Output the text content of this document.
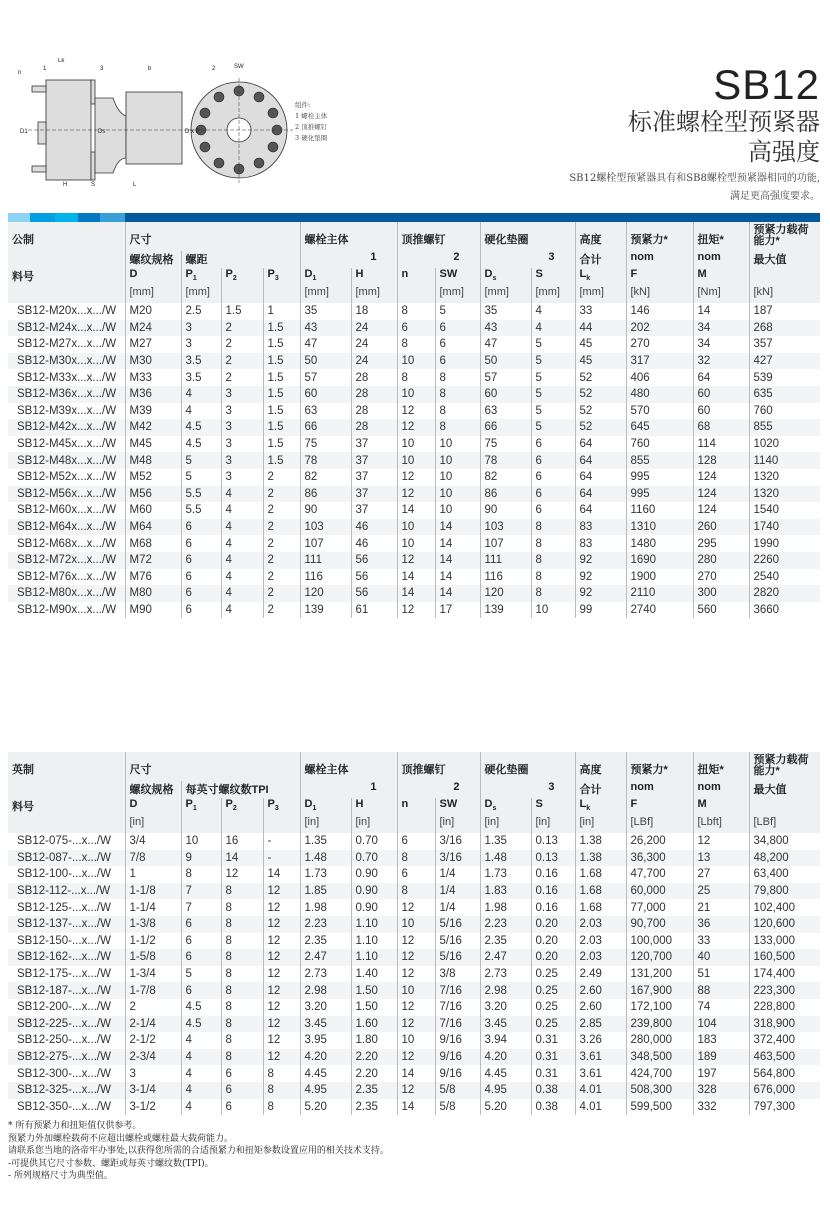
n
1
Lk
3	b
D1	Ds	D x P
H	S	L
2	SW
组件:
1 螺栓主体
2 顶推螺钉
3 硬化垫圈
SB12
标准螺栓型预紧器
高强度
SB12螺栓型预紧器具有和SB8螺栓型预紧器相同的功能,
满足更高强度要求。
公制	尺寸				螺栓主体		顶推螺钉		硬化垫圈		高度	预紧力*	扭矩*	预紧力载荷能力*
	螺纹规格	螺距			1		2		3		合计	nom	nom	最大值
料号	D	$P_1$	$P_2$	$P_3$	$D_1$	H	n	SW	$D_s$	S	$L_k$	F	M	
	[mm]	[mm]			[mm]	[mm]		[mm]	[mm]	[mm]	[mm]	[kN]	[Nm]	[kN]
SB12-M20x...x.../W	M20	2.5	1.5	1	35	18	8	5	35	4	33	146	14	187
SB12-M24x...x.../W	M24	3	2	1.5	43	24	6	6	43	4	44	202	34	268
SB12-M27x...x.../W	M27	3	2	1.5	47	24	8	6	47	5	45	270	34	357
SB12-M30x...x.../W	M30	3.5	2	1.5	50	24	10	6	50	5	45	317	32	427
SB12-M33x...x.../W	M33	3.5	2	1.5	57	28	8	8	57	5	52	406	64	539
SB12-M36x...x.../W	M36	4	3	1.5	60	28	10	8	60	5	52	480	60	635
SB12-M39x...x.../W	M39	4	3	1.5	63	28	12	8	63	5	52	570	60	760
SB12-M42x...x.../W	M42	4.5	3	1.5	66	28	12	8	66	5	52	645	68	855
SB12-M45x...x.../W	M45	4.5	3	1.5	75	37	10	10	75	6	64	760	114	1020
SB12-M48x...x.../W	M48	5	3	1.5	78	37	10	10	78	6	64	855	128	1140
SB12-M52x...x.../W	M52	5	3	2	82	37	12	10	82	6	64	995	124	1320
SB12-M56x...x.../W	M56	5.5	4	2	86	37	12	10	86	6	64	995	124	1320
SB12-M60x...x.../W	M60	5.5	4	2	90	37	14	10	90	6	64	1160	124	1540
SB12-M64x...x.../W	M64	6	4	2	103	46	10	14	103	8	83	1310	260	1740
SB12-M68x...x.../W	M68	6	4	2	107	46	10	14	107	8	83	1480	295	1990
SB12-M72x...x.../W	M72	6	4	2	111	56	12	14	111	8	92	1690	280	2260
SB12-M76x...x.../W	M76	6	4	2	116	56	14	14	116	8	92	1900	270	2540
SB12-M80x...x.../W	M80	6	4	2	120	56	14	14	120	8	92	2110	300	2820
SB12-M90x...x.../W	M90	6	4	2	139	61	12	17	139	10	99	2740	560	3660
英制	尺寸				螺栓主体		顶推螺钉		硬化垫圈		高度	预紧力*	扭矩*	预紧力载荷能力*
	螺纹规格	每英寸螺纹数TPI			1		2		3		合计	nom	nom	最大值
料号	D	$P_1$	$P_2$	$P_3$	$D_1$	H	n	SW	$D_s$	S	$L_k$	F	M	
	[in]				[in]	[in]		[in]	[in]	[in]	[in]	[LBf]	[Lbft]	[LBf]
SB12-075-...x.../W	3/4	10	16	-	1.35	0.70	6	3/16	1.35	0.13	1.38	26,200	12	34,800
SB12-087-...x.../W	7/8	9	14	-	1.48	0.70	8	3/16	1.48	0.13	1.38	36,300	13	48,200
SB12-100-...x.../W	1	8	12	14	1.73	0.90	6	1/4	1.73	0.16	1.68	47,700	27	63,400
SB12-112-...x.../W	1-1/8	7	8	12	1.85	0.90	8	1/4	1.83	0.16	1.68	60,000	25	79,800
SB12-125-...x.../W	1-1/4	7	8	12	1.98	0.90	12	1/4	1.98	0.16	1.68	77,000	21	102,400
SB12-137-...x.../W	1-3/8	6	8	12	2.23	1.10	10	5/16	2.23	0.20	2.03	90,700	36	120,600
SB12-150-...x.../W	1-1/2	6	8	12	2.35	1.10	12	5/16	2.35	0.20	2.03	100,000	33	133,000
SB12-162-...x.../W	1-5/8	6	8	12	2.47	1.10	12	5/16	2.47	0.20	2.03	120,700	40	160,500
SB12-175-...x.../W	1-3/4	5	8	12	2.73	1.40	12	3/8	2.73	0.25	2.49	131,200	51	174,400
SB12-187-...x.../W	1-7/8	6	8	12	2.98	1.50	10	7/16	2.98	0.25	2.60	167,900	88	223,300
SB12-200-...x.../W	2	4.5	8	12	3.20	1.50	12	7/16	3.20	0.25	2.60	172,100	74	228,800
SB12-225-...x.../W	2-1/4	4.5	8	12	3.45	1.60	12	7/16	3.45	0.25	2.85	239,800	104	318,900
SB12-250-...x.../W	2-1/2	4	8	12	3.95	1.80	10	9/16	3.94	0.31	3.26	280,000	183	372,400
SB12-275-...x.../W	2-3/4	4	8	12	4.20	2.20	12	9/16	4.20	0.31	3.61	348,500	189	463,500
SB12-300-...x.../W	3	4	6	8	4.45	2.20	14	9/16	4.45	0.31	3.61	424,700	197	564,800
SB12-325-...x.../W	3-1/4	4	6	8	4.95	2.35	12	5/8	4.95	0.38	4.01	508,300	328	676,000
SB12-350-...x.../W	3-1/2	4	6	8	5.20	2.35	14	5/8	5.20	0.38	4.01	599,500	332	797,300
* 所有预紧力和扭矩值仅供参考。
预紧力外加螺栓载荷不应超出螺栓或螺柱最大载荷能力。
请联系您当地的洛帝牢办事处,以获得您所需的合适预紧力和扭矩参数设置应用的相关技术支持。
-可提供其它尺寸参数、螺距或每英寸螺纹数(TPI)。
- 所列规格尺寸为典型值。
